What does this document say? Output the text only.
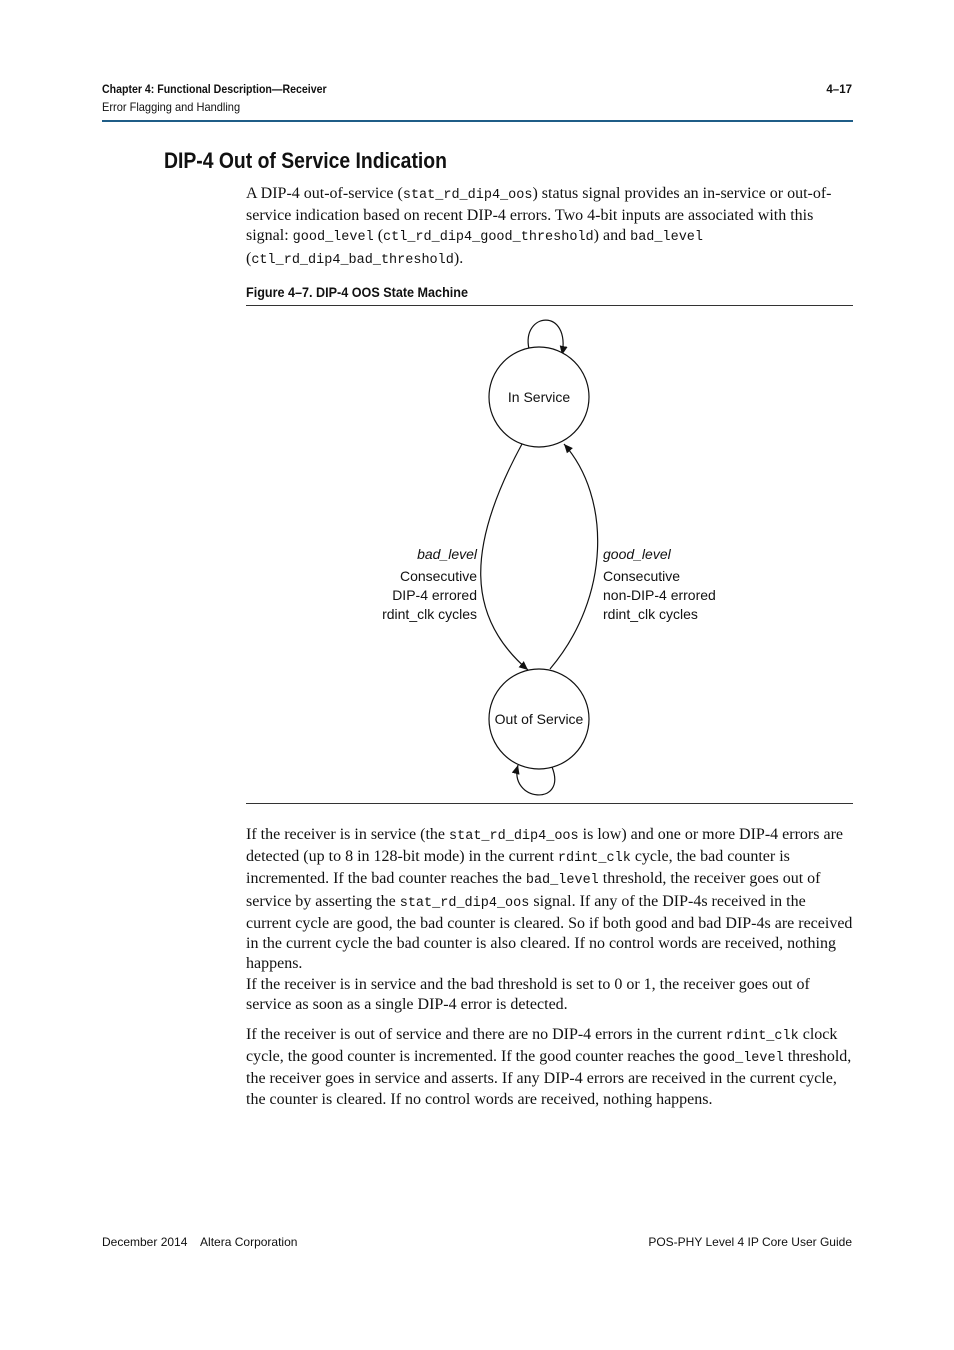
Chapter 4: Functional Description—Receiver
Error Flagging and Handling
4–17
DIP-4 Out of Service Indication
A DIP-4 out-of-service (stat_rd_dip4_oos) status signal provides an in-service or out-of-service indication based on recent DIP-4 errors. Two 4-bit inputs are associated with this signal: good_level (ctl_rd_dip4_good_threshold) and bad_level (ctl_rd_dip4_bad_threshold).
Figure 4–7. DIP-4 OOS State Machine
In Service
Out of Service
bad_level
Consecutive
DIP-4 errored
rdint_clk cycles
good_level
Consecutive
non-DIP-4 errored
rdint_clk cycles
If the receiver is in service (the stat_rd_dip4_oos is low) and one or more DIP-4 errors are detected (up to 8 in 128-bit mode) in the current rdint_clk cycle, the bad counter is incremented. If the bad counter reaches the bad_level threshold, the receiver goes out of service by asserting the stat_rd_dip4_oos signal. If any of the DIP-4s received in the current cycle are good, the bad counter is cleared. So if both good and bad DIP-4s are received in the current cycle the bad counter is also cleared. If no control words are received, nothing happens.
If the receiver is in service and the bad threshold is set to 0 or 1, the receiver goes out of service as soon as a single DIP-4 error is detected.
If the receiver is out of service and there are no DIP-4 errors in the current rdint_clk clock cycle, the good counter is incremented. If the good counter reaches the good_level threshold, the receiver goes in service and asserts. If any DIP-4 errors are received in the current cycle, the counter is cleared. If no control words are received, nothing happens.
December 2014    Altera Corporation	POS-PHY Level 4 IP Core User Guide
